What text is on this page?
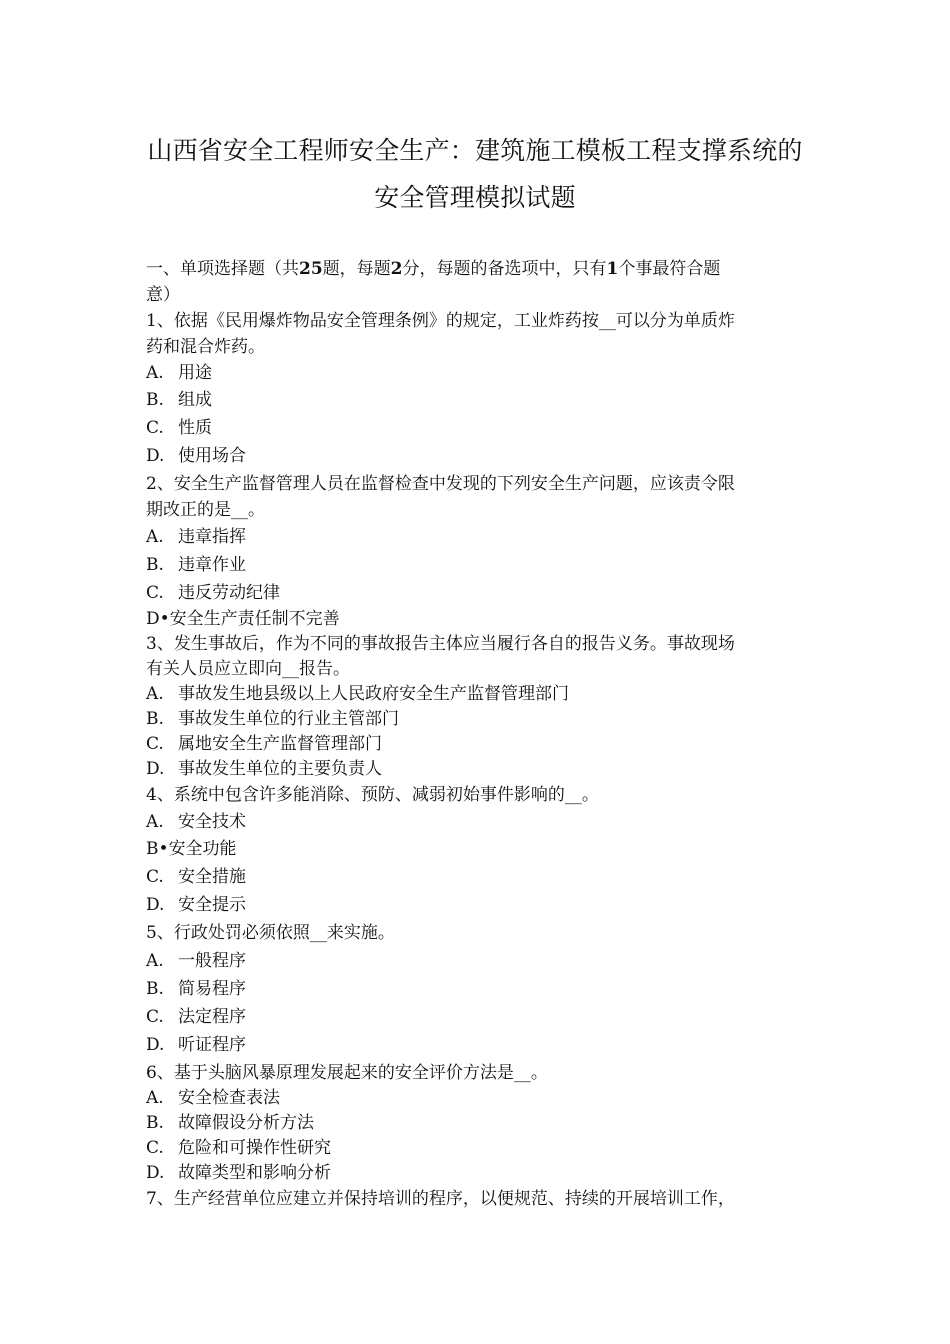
山西省安全工程师安全生产：建筑施工模板工程支撑系统的
安全管理模拟试题
一、单项选择题（共25题，每题2分，每题的备选项中，只有1个事最符合题
意）
1、依据《民用爆炸物品安全管理条例》的规定，工业炸药按__可以分为单质炸
药和混合炸药。
A. 用途
B. 组成
C. 性质
D. 使用场合
2、安全生产监督管理人员在监督检查中发现的下列安全生产问题，应该责令限
期改正的是__。
A. 违章指挥
B. 违章作业
C. 违反劳动纪律
D•安全生产责任制不完善
3、发生事故后，作为不同的事故报告主体应当履行各自的报告义务。事故现场
有关人员应立即向__报告。
A. 事故发生地县级以上人民政府安全生产监督管理部门
B. 事故发生单位的行业主管部门
C. 属地安全生产监督管理部门
D. 事故发生单位的主要负责人
4、系统中包含许多能消除、预防、减弱初始事件影响的__。
A. 安全技术
B•安全功能
C. 安全措施
D. 安全提示
5、行政处罚必须依照__来实施。
A. 一般程序
B. 简易程序
C. 法定程序
D. 听证程序
6、基于头脑风暴原理发展起来的安全评价方法是__。
A. 安全检查表法
B. 故障假设分析方法
C. 危险和可操作性研究
D. 故障类型和影响分析
7、生产经营单位应建立并保持培训的程序，以便规范、持续的开展培训工作，
